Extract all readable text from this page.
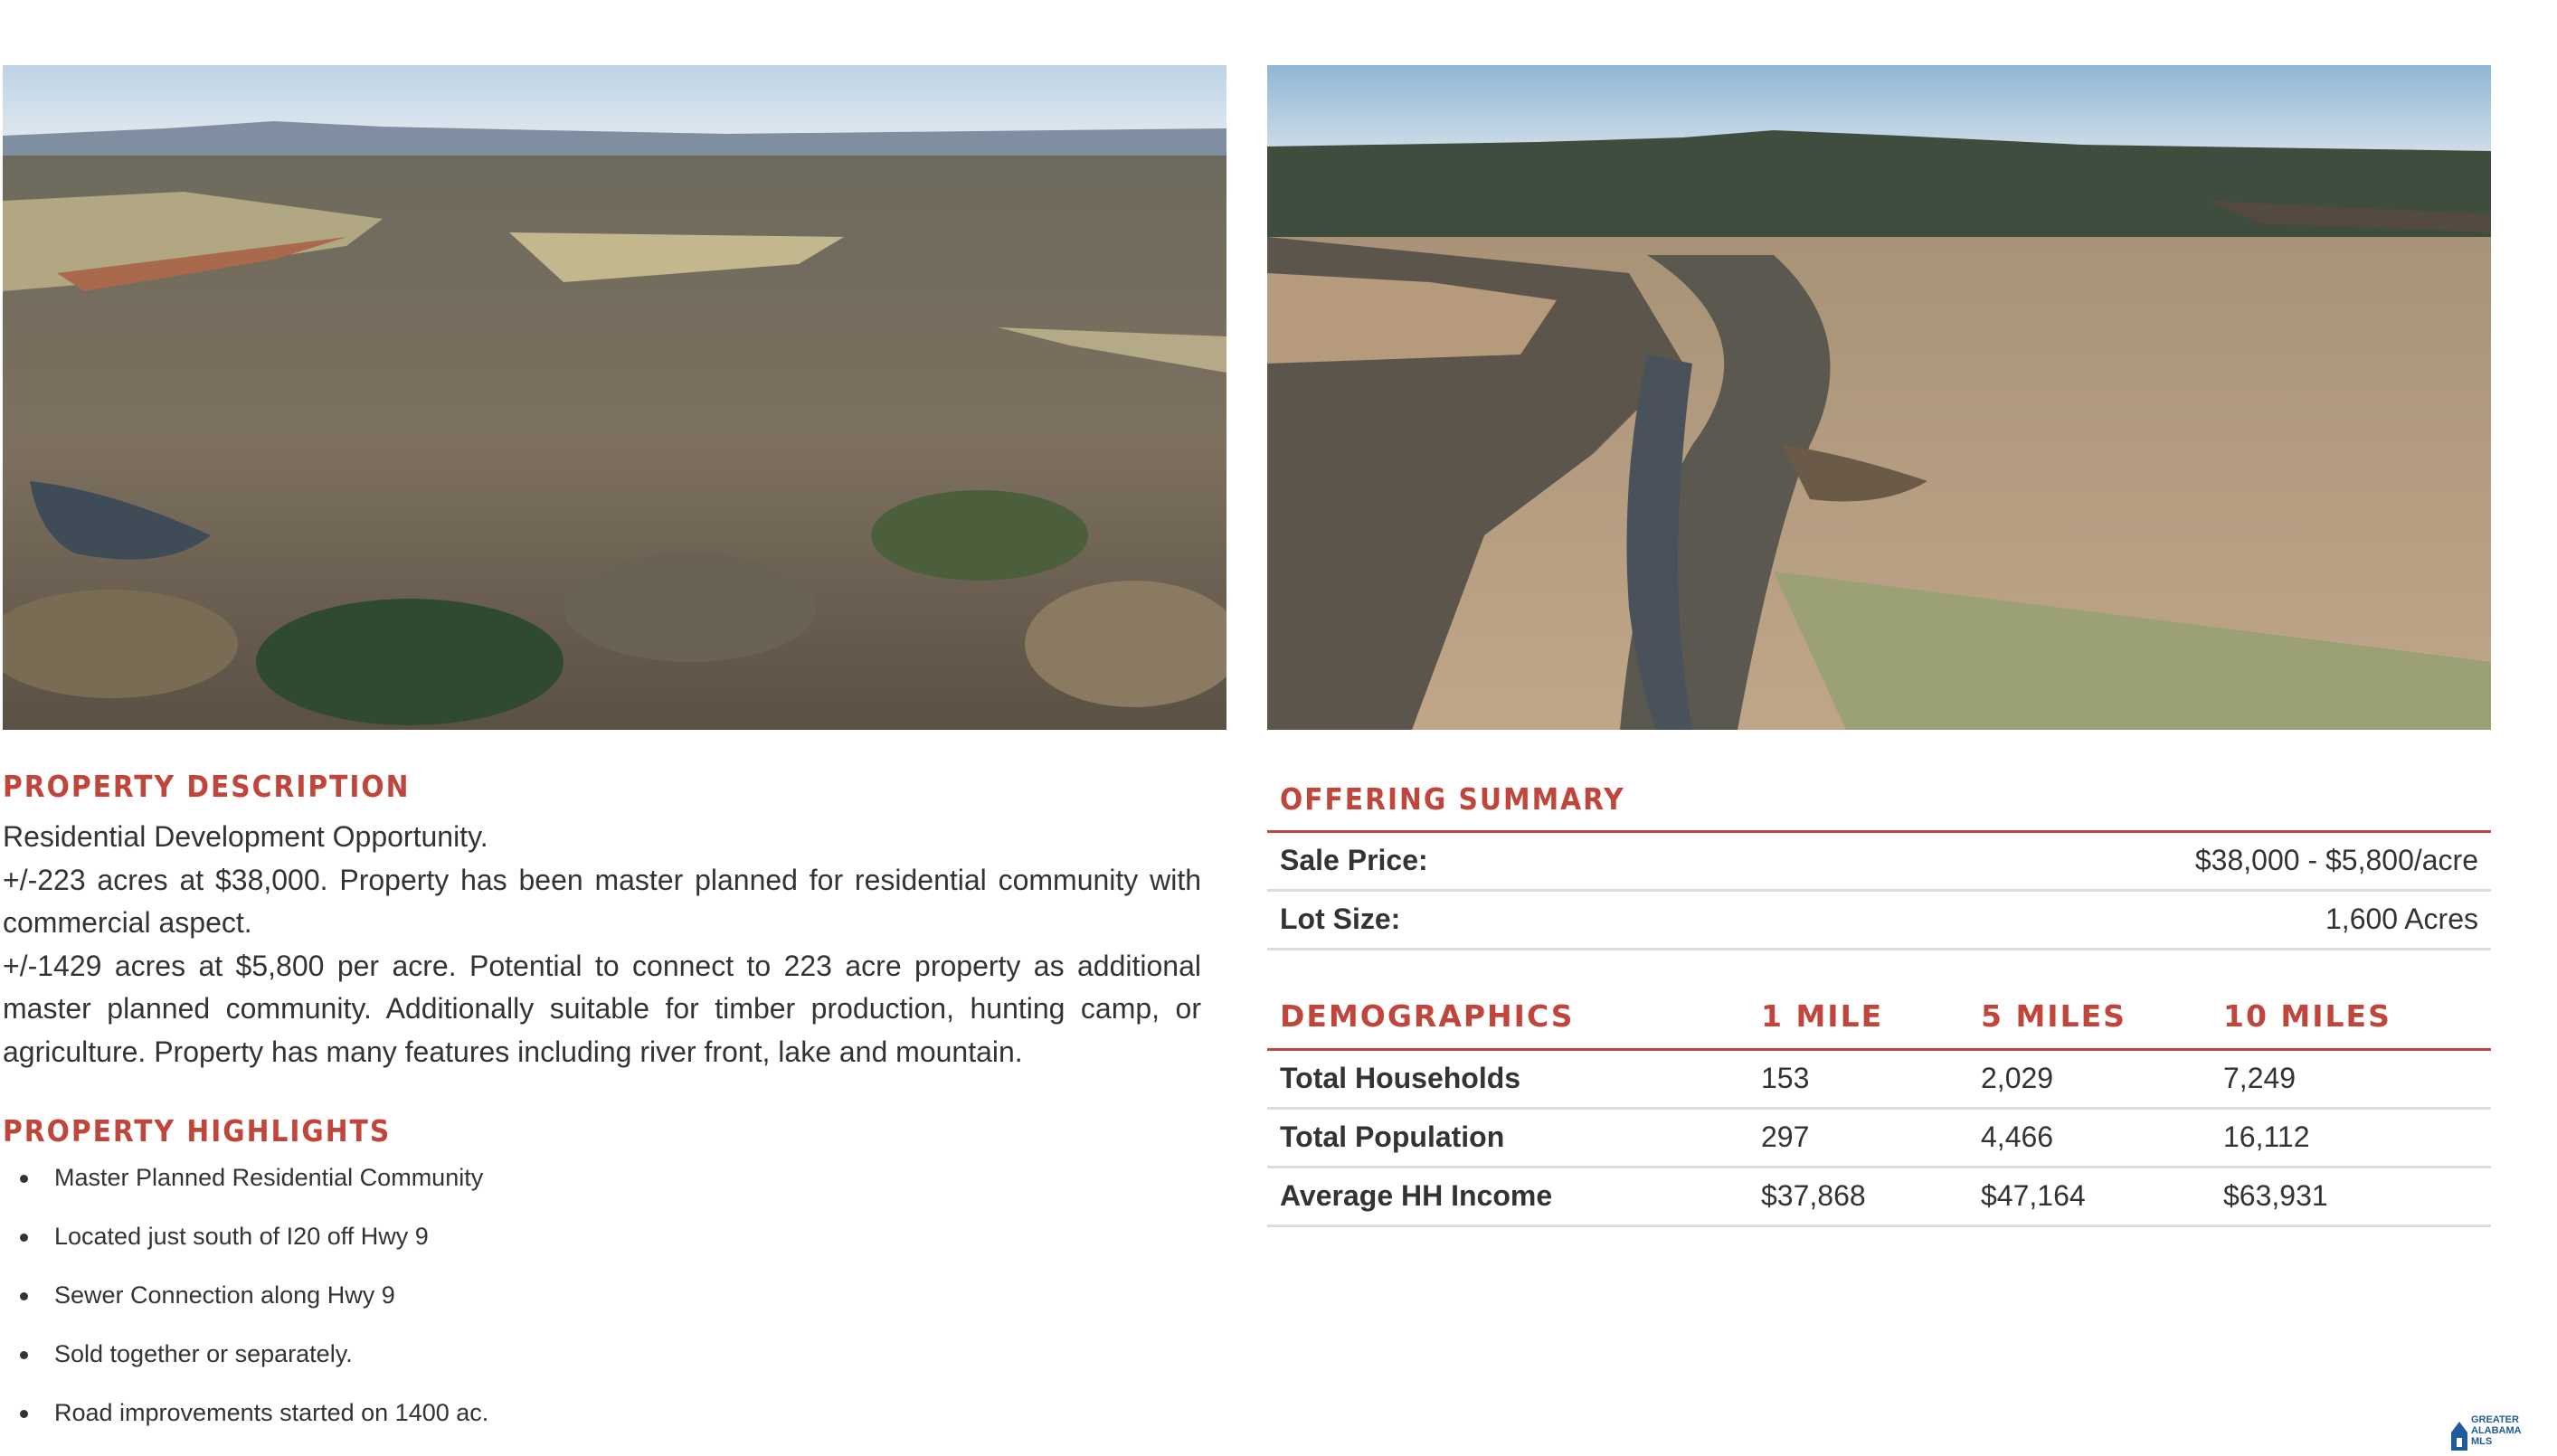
PROPERTY DESCRIPTION

Residential Development Opportunity.

+/-223 acres at $38,000. Property has been master planned for residential community with commercial aspect.

+/-1429 acres at $5,800 per acre. Potential to connect to 223 acre property as additional master planned community. Additionally suitable for timber production, hunting camp, or agriculture. Property has many features including river front, lake and mountain.

PROPERTY HIGHLIGHTS
Master Planned Residential Community
Located just south of I20 off Hwy 9
Sewer Connection along Hwy 9
Sold together or separately.
Road improvements started on 1400 ac.
OFFERING SUMMARY
Sale Price:	$38,000 - $5,800/acre
Lot Size:	1,600 Acres
DEMOGRAPHICS	1 MILE	5 MILES	10 MILES
Total Households	153	2,029	7,249
Total Population	297	4,466	16,112
Average HH Income	$37,868	$47,164	$63,931
GREATER
ALABAMA
MLS
